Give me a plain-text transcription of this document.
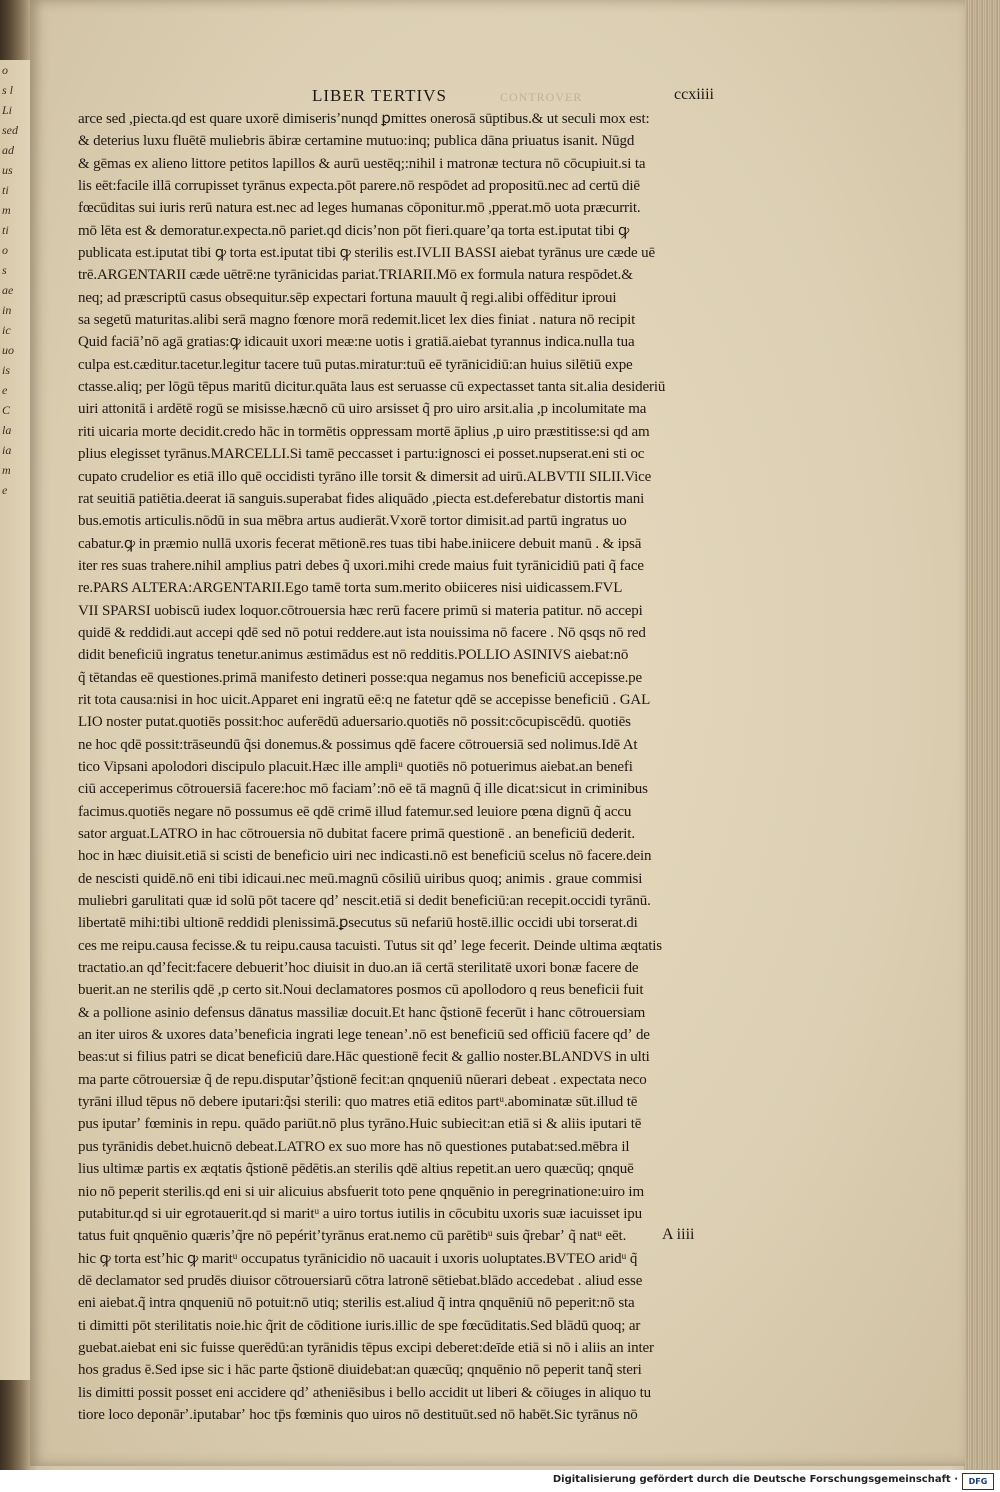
o
s l
Li
sed
ad
us
ti
m
ti
o
s
ae
in
ic
uo
is
e
C
la
ia
m
e
LIBER TERTIVS	CONTROVER	ccxiiii
arce sed ,piecta.qd est quare uxorē dimiserisʼnunqd ꝑmittes onerosā sūptibus.& ut seculi mox est:
& deterius luxu fluētē muliebris ābiræ certamine mutuo:inq; publica dāna priuatus isanit. Nūgd
& gēmas ex alieno littore petitos lapillos & aurū uestēq;:nihil i matronæ tectura nō cōcupiuit.si ta
lis eēt:facile illā corrupisset tyrānus expecta.pōt parere.nō respōdet ad propositū.nec ad certū diē
fœcūditas sui iuris rerū natura est.nec ad leges humanas cōponitur.mō ,pperat.mō uota præcurrit.
mō lēta est & demoratur.expecta.nō pariet.qd dicisʼnon pōt fieri.quareʼqa torta est.iputat tibi ꝙ
publicata est.iputat tibi ꝙ torta est.iputat tibi ꝙ sterilis est.IVLII BASSI aiebat tyrānus ure cæde uē
trē.ARGENTARII cæde uētrē:ne tyrānicidas pariat.TRIARII.Mō ex formula natura respōdet.&
neq; ad præscriptū casus obsequitur.sēp expectari fortuna mauult q̃ regi.alibi offēditur iproui
sa segetū maturitas.alibi serā magno fœnore morā redemit.licet lex dies finiat . natura nō recipit
Quid faciāʼnō agā gratias:ꝙ idicauit uxori meæ:ne uotis i gratiā.aiebat tyrannus indica.nulla tua
culpa est.cæditur.tacetur.legitur tacere tuū putas.miratur:tuū eē tyrānicidiū:an huius silētiū expe
ctasse.aliq; per lōgū tēpus maritū dicitur.quāta laus est seruasse cū expectasset tanta sit.alia desideriū
uiri attonitā i ardētē rogū se misisse.hæcnō cū uiro arsisset q̃ pro uiro arsit.alia ,p incolumitate ma
riti uicaria morte decidit.credo hāc in tormētis oppressam mortē āplius ,p uiro præstitisse:si qd am
plius elegisset tyrānus.MARCELLI.Si tamē peccasset i partu:ignosci ei posset.nupserat.eni sti oc
cupato crudelior es etiā illo quē occidisti tyrāno ille torsit & dimersit ad uirū.ALBVTII SILII.Vice
rat seuitiā patiētia.deerat iā sanguis.superabat fides aliquādo ,piecta est.deferebatur distortis mani
bus.emotis articulis.nōdū in sua mēbra artus audierāt.Vxorē tortor dimisit.ad partū ingratus uo
cabatur.ꝙ in præmio nullā uxoris fecerat mētionē.res tuas tibi habe.iniicere debuit manū . & ipsā
iter res suas trahere.nihil amplius patri debes q̃ uxori.mihi crede maius fuit tyrānicidiū pati q̃ face
re.PARS ALTERA:ARGENTARII.Ego tamē torta sum.merito obiiceres nisi uidicassem.FVL
VII SPARSI uobiscū iudex loquor.cōtrouersia hæc rerū facere primū si materia patitur. nō accepi
quidē & reddidi.aut accepi qdē sed nō potui reddere.aut ista nouissima nō facere . Nō qsqs nō red
didit beneficiū ingratus tenetur.animus æstimādus est nō redditis.POLLIO ASINIVS aiebat:nō
q̃ tētandas eē questiones.primā manifesto detineri posse:qua negamus nos beneficiū accepisse.pe
rit tota causa:nisi in hoc uicit.Apparet eni ingratū eē:q ne fatetur qdē se accepisse beneficiū . GAL
LIO noster putat.quotiēs possit:hoc auferēdū aduersario.quotiēs nō possit:cōcupiscēdū. quotiēs
ne hoc qdē possit:trāseundū q̃si donemus.& possimus qdē facere cōtrouersiā sed nolimus.Idē At
tico Vipsani apolodori discipulo placuit.Hæc ille ampliᵘ quotiēs nō potuerimus aiebat.an benefi
ciū acceperimus cōtrouersiā facere:hoc mō faciamʼ:nō eē tā magnū q̃ ille dicat:sicut in criminibus
facimus.quotiēs negare nō possumus eē qdē crimē illud fatemur.sed leuiore pœna dignū q̃ accu
sator arguat.LATRO in hac cōtrouersia nō dubitat facere primā questionē . an beneficiū dederit.
hoc in hæc diuisit.etiā si scisti de beneficio uiri nec indicasti.nō est beneficiū scelus nō facere.dein
de nescisti quidē.nō eni tibi idicaui.nec meū.magnū cōsiliū uiribus quoq; animis . graue commisi
muliebri garulitati quæ id solū pōt tacere qdʼ nescit.etiā si dedit beneficiū:an recepit.occidi tyrānū.
libertatē mihi:tibi ultionē reddidi plenissimā.ꝑsecutus sū nefariū hostē.illic occidi ubi torserat.di
ces me reipu.causa fecisse.& tu reipu.causa tacuisti. Tutus sit qdʼ lege fecerit. Deinde ultima æqtatis
tractatio.an qdʼfecit:facere debueritʼhoc diuisit in duo.an iā certā sterilitatē uxori bonæ facere de
buerit.an ne sterilis qdē ,p certo sit.Noui declamatores posmos cū apollodoro q reus beneficii fuit
& a pollione asinio defensus dānatus massiliæ docuit.Et hanc q̃stionē fecerūt i hanc cōtrouersiam
an iter uiros & uxores dataʼbeneficia ingrati lege teneanʼ.nō est beneficiū sed officiū facere qdʼ de
beas:ut si filius patri se dicat beneficiū dare.Hāc questionē fecit & gallio noster.BLANDVS in ulti
ma parte cōtrouersiæ q̃ de repu.disputarʼq̃stionē fecit:an qnqueniū nūerari debeat . expectata neco
tyrāni illud tēpus nō debere iputari:q̃si sterili: quo matres etiā editos partᵘ.abominatæ sūt.illud tē
pus iputarʼ fœminis in repu. quādo pariūt.nō plus tyrāno.Huic subiecit:an etiā si & aliis iputari tē
pus tyrānidis debet.huicnō debeat.LATRO ex suo more has nō questiones putabat:sed.mēbra il
lius ultimæ partis ex æqtatis q̃stionē pēdētis.an sterilis qdē altius repetit.an uero quæcūq; qnquē
nio nō peperit sterilis.qd eni si uir alicuius absfuerit toto pene qnquēnio in peregrinatione:uiro im
putabitur.qd si uir egrotauerit.qd si maritᵘ a uiro tortus iutilis in cōcubitu uxoris suæ iacuisset ipu
tatus fuit qnquēnio quærisʼq̃re nō pepéritʼtyrānus erat.nemo cū parētibᵘ suis q̃rebarʼ q̃ natᵘ eēt.
hic ꝙ torta estʼhic ꝙ maritᵘ occupatus tyrānicidio nō uacauit i uxoris uoluptates.BVTEO aridᵘ q̃
dē declamator sed prudēs diuisor cōtrouersiarū cōtra latronē sētiebat.blādo accedebat . aliud esse
eni aiebat.q̃ intra qnqueniū nō potuit:nō utiq; sterilis est.aliud q̃ intra qnquēniū nō peperit:nō sta
ti dimitti pōt sterilitatis noie.hic q̃rit de cōditione iuris.illic de spe fœcūditatis.Sed blādū quoq; ar
guebat.aiebat eni sic fuisse querēdū:an tyrānidis tēpus excipi deberet:deīde etiā si nō i aliis an inter
hos gradus ē.Sed ipse sic i hāc parte q̃stionē diuidebat:an quæcūq; qnquēnio nō peperit tanq̃ steri
lis dimitti possit posset eni accidere qdʼ atheniēsibus i bello accidit ut liberi & cōiuges in aliquo tu
tiore loco deponārʼ.iputabarʼ hoc tp̄s fœminis quo uiros nō destituūt.sed nō habēt.Sic tyrānus nō
A iiii
Digitalisierung gefördert durch die Deutsche Forschungsgemeinschaft ·	DFG
